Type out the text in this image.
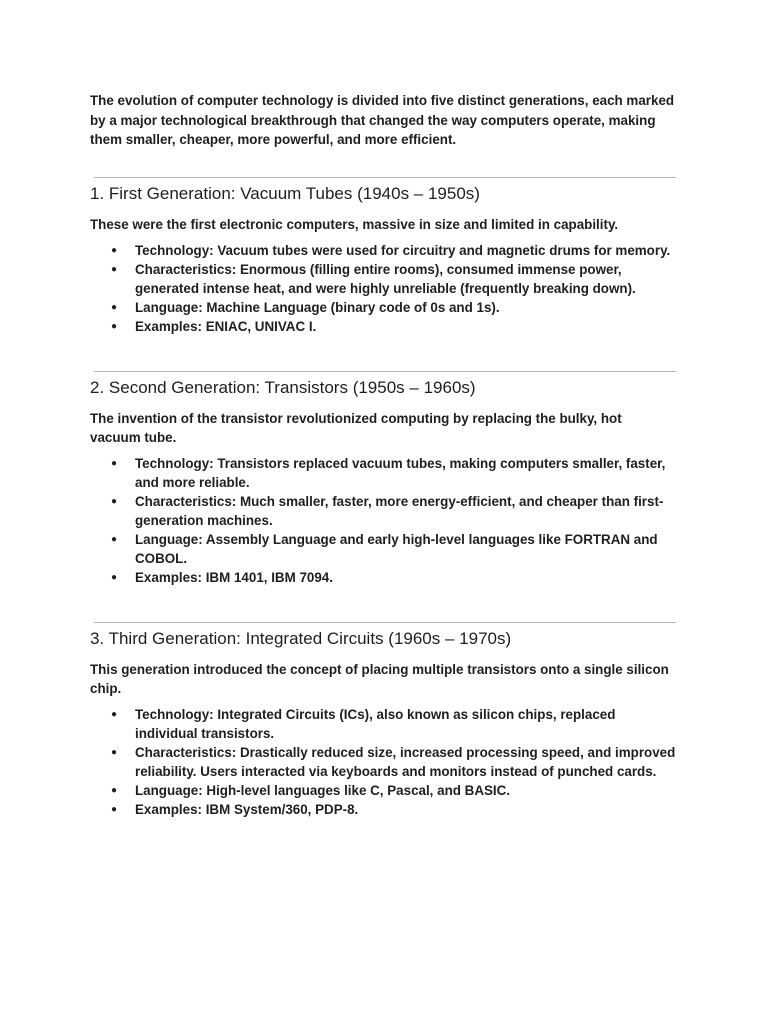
The evolution of computer technology is divided into five distinct generations, each marked by a major technological breakthrough that changed the way computers operate, making them smaller, cheaper, more powerful, and more efficient.

1. First Generation: Vacuum Tubes (1940s – 1950s)

These were the first electronic computers, massive in size and limited in capability.

● Technology: Vacuum tubes were used for circuitry and magnetic drums for memory.
● Characteristics: Enormous (filling entire rooms), consumed immense power, generated intense heat, and were highly unreliable (frequently breaking down).
● Language: Machine Language (binary code of 0s and 1s).
● Examples: ENIAC, UNIVAC I.
2. Second Generation: Transistors (1950s – 1960s)

The invention of the transistor revolutionized computing by replacing the bulky, hot vacuum tube.

● Technology: Transistors replaced vacuum tubes, making computers smaller, faster, and more reliable.
● Characteristics: Much smaller, faster, more energy-efficient, and cheaper than first-generation machines.
● Language: Assembly Language and early high-level languages like FORTRAN and COBOL.
● Examples: IBM 1401, IBM 7094.
3. Third Generation: Integrated Circuits (1960s – 1970s)

This generation introduced the concept of placing multiple transistors onto a single silicon chip.

● Technology: Integrated Circuits (ICs), also known as silicon chips, replaced individual transistors.
● Characteristics: Drastically reduced size, increased processing speed, and improved reliability. Users interacted via keyboards and monitors instead of punched cards.
● Language: High-level languages like C, Pascal, and BASIC.
● Examples: IBM System/360, PDP-8.
